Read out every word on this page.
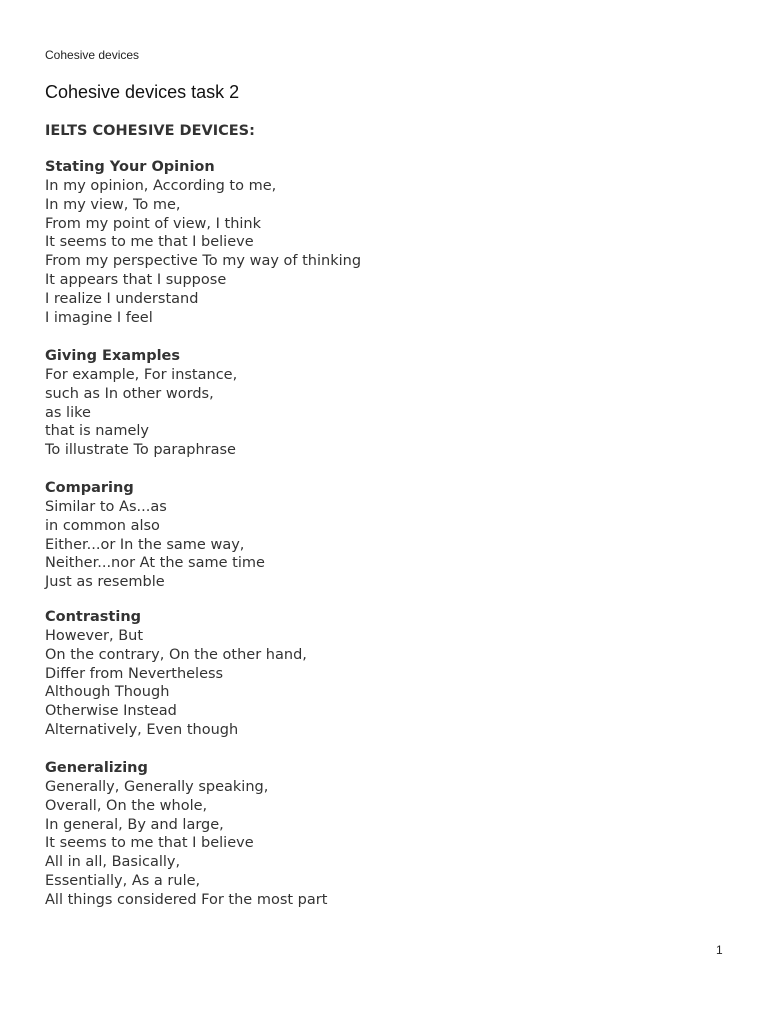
Cohesive devices
Cohesive devices task 2
IELTS COHESIVE DEVICES:
Stating Your Opinion
In my opinion, According to me,
In my view, To me,
From my point of view, I think
It seems to me that I believe
From my perspective To my way of thinking
It appears that I suppose
I realize I understand
I imagine I feel
Giving Examples
For example, For instance,
such as In other words,
as like
that is namely
To illustrate To paraphrase
Comparing
Similar to As...as
in common also
Either...or In the same way,
Neither...nor At the same time
Just as resemble
Contrasting
However, But
On the contrary, On the other hand,
Differ from Nevertheless
Although Though
Otherwise Instead
Alternatively, Even though
Generalizing
Generally, Generally speaking,
Overall, On the whole,
In general, By and large,
It seems to me that I believe
All in all, Basically,
Essentially, As a rule,
All things considered For the most part
1
